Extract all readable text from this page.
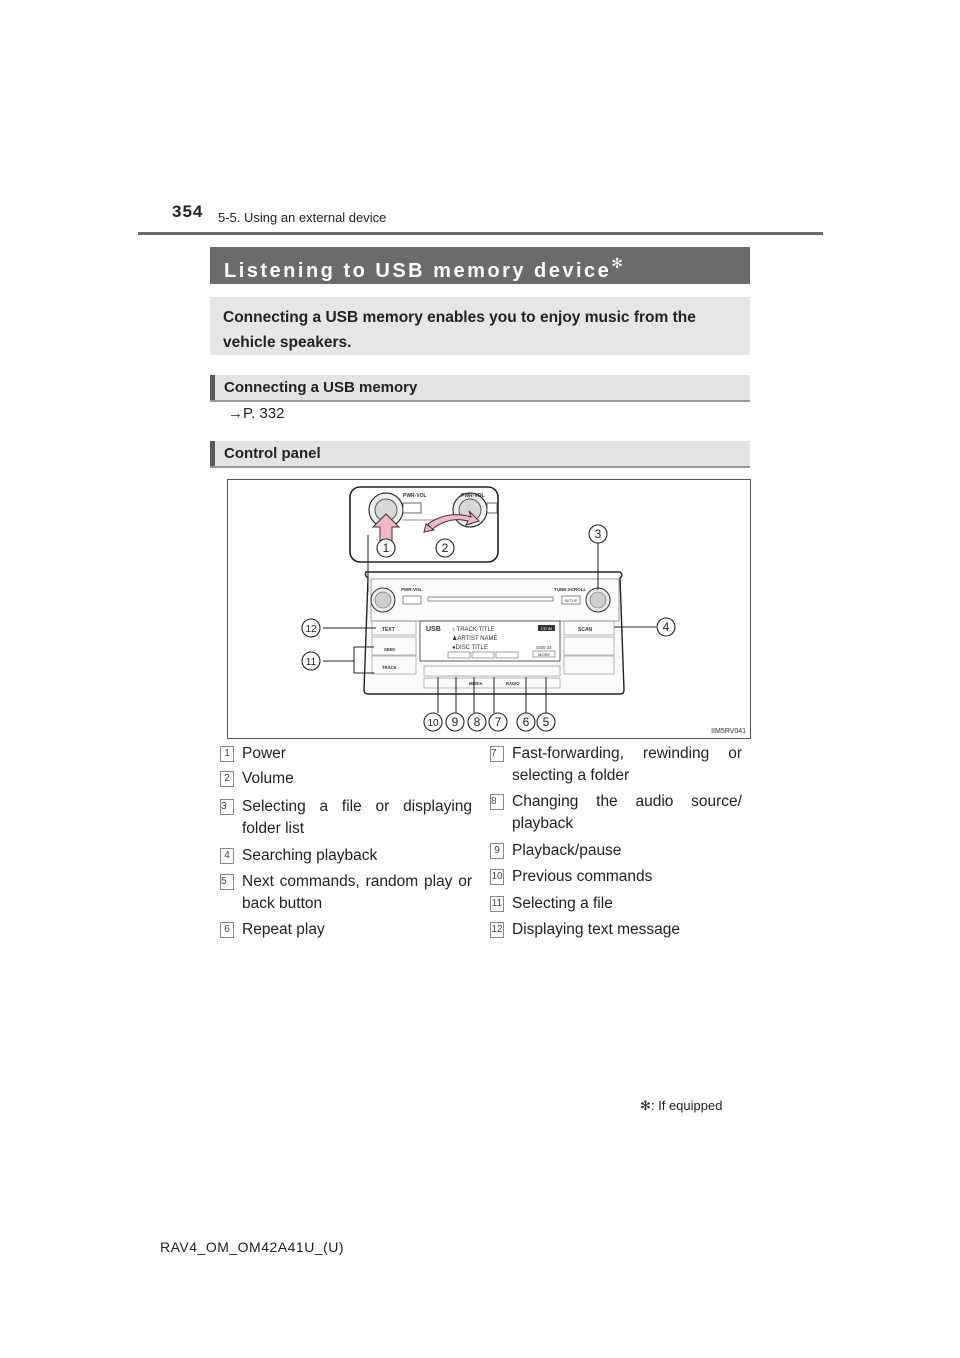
354 5-5. Using an external device
Listening to USB memory device✻
Connecting a USB memory enables you to enjoy music from the vehicle speakers.
Connecting a USB memory
→P. 332
Control panel
PWR-VOL	PWR-VOL
1	2
PWR-VOL	TUNE·SCROLL
SETUP
TEXT
SEEK
TRACK
USB ♪ TRACK TITLE
♟ARTIST NAME
●DISC TITLE
CD IN
SSB-33
MORE
SCAN
MEDIA	RADIO
3
4
5
6
7
8
9
10
11
12
IIM5RV041
1 Power
2 Volume
3 Selecting a file or displaying folder list
4 Searching playback
5 Next commands, random play or back button
6 Repeat play
7 Fast-forwarding, rewinding or selecting a folder
8 Changing the audio source/ playback
9 Playback/pause
10 Previous commands
11 Selecting a file
12 Displaying text message
✻: If equipped
RAV4_OM_OM42A41U_(U)
